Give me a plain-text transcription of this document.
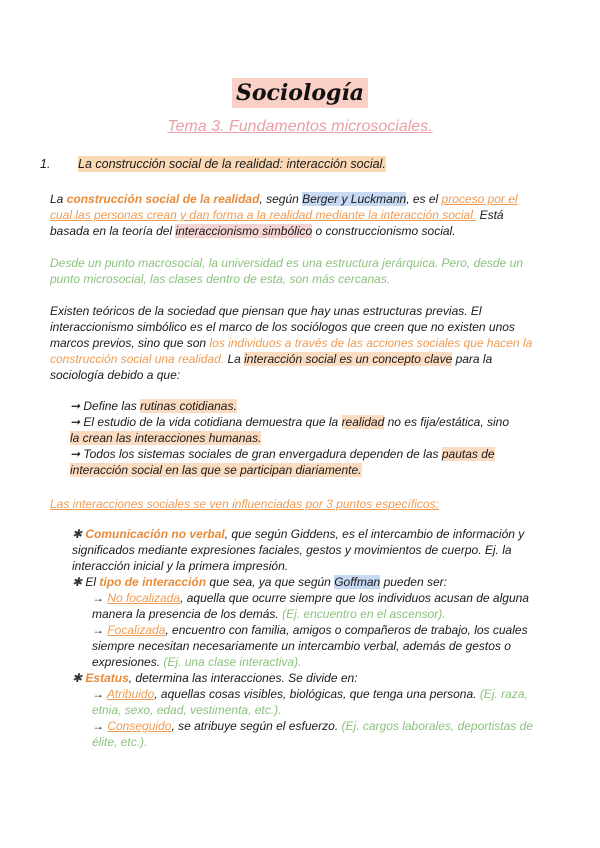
Sociología
Tema 3. Fundamentos microsociales.
1. La construcción social de la realidad: interacción social.
La construcción social de la realidad, según Berger y Luckmann, es el proceso por el cual las personas crean y dan forma a la realidad mediante la interacción social. Está basada en la teoría del interaccionismo simbólico o construccionismo social.
Desde un punto macrosocial, la universidad es una estructura jerárquica. Pero, desde un punto microsocial, las clases dentro de esta, son más cercanas.
Existen teóricos de la sociedad que piensan que hay unas estructuras previas. El interaccionismo simbólico es el marco de los sociólogos que creen que no existen unos marcos previos, sino que son los individuos a través de las acciones sociales que hacen la construcción social una realidad. La interacción social es un concepto clave para la sociología debido a que:
➞ Define las rutinas cotidianas.
➞ El estudio de la vida cotidiana demuestra que la realidad no es fija/estática, sino la crean las interacciones humanas.
➞ Todos los sistemas sociales de gran envergadura dependen de las pautas de interacción social en las que se participan diariamente.
Las interacciones sociales se ven influenciadas por 3 puntos específicos:
✱ Comunicación no verbal, que según Giddens, es el intercambio de información y significados mediante expresiones faciales, gestos y movimientos de cuerpo. Ej. la interacción inicial y la primera impresión.
✱ El tipo de interacción que sea, ya que según Goffman pueden ser:
→ No focalizada, aquella que ocurre siempre que los individuos acusan de alguna manera la presencia de los demás. (Ej. encuentro en el ascensor).
→ Focalizada, encuentro con familia, amigos o compañeros de trabajo, los cuales siempre necesitan necesariamente un intercambio verbal, además de gestos o expresiones. (Ej. una clase interactiva).
✱ Estatus, determina las interacciones. Se divide en:
→ Atribuido, aquellas cosas visibles, biológicas, que tenga una persona. (Ej. raza, etnia, sexo, edad, vestimenta, etc.).
→ Conseguido, se atribuye según el esfuerzo. (Ej. cargos laborales, deportistas de élite, etc.).
